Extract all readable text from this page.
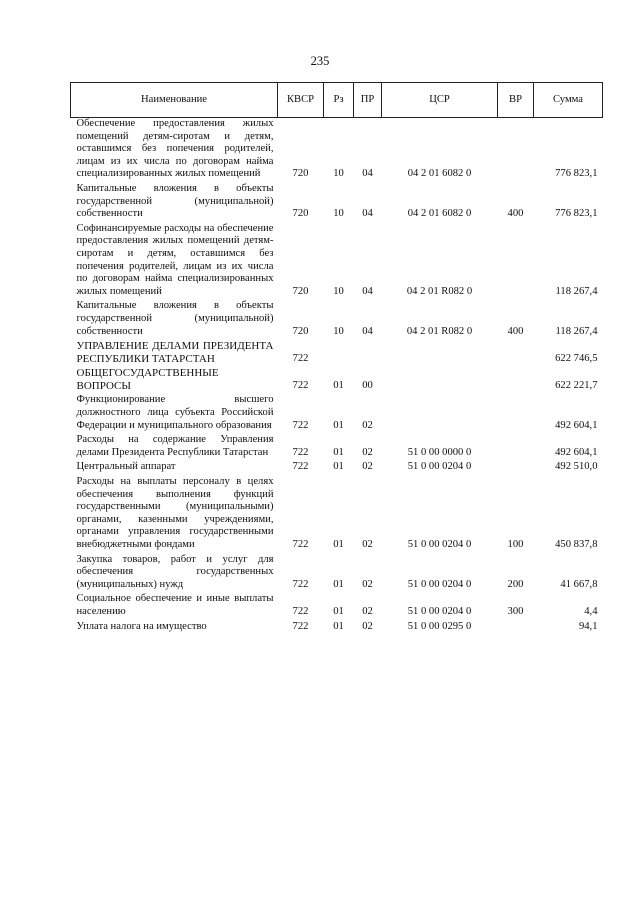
235
Наименование	КВСР	Рз	ПР	ЦСР	ВР	Сумма
Обеспечение предоставления жилых помещений детям-сиротам и детям, оставшимся без попечения родителей, лицам из их числа по договорам найма специализированных жилых помещений	720	10	04	04 2 01 6082 0		776 823,1
Капитальные вложения в объекты государственной (муниципальной) собственности	720	10	04	04 2 01 6082 0	400	776 823,1
Софинансируемые расходы на обеспечение предоставления жилых помещений детям-сиротам и детям, оставшимся без попечения родителей, лицам из их числа по договорам найма специализированных жилых помещений	720	10	04	04 2 01 R082 0		118 267,4
Капитальные вложения в объекты государственной (муниципальной) собственности	720	10	04	04 2 01 R082 0	400	118 267,4
УПРАВЛЕНИЕ ДЕЛАМИ ПРЕЗИДЕНТА РЕСПУБЛИКИ ТАТАРСТАН	722					622 746,5
ОБЩЕГОСУДАРСТВЕННЫЕ ВОПРОСЫ	722	01	00			622 221,7
Функционирование высшего должностного лица субъекта Российской Федерации и муниципального образования	722	01	02			492 604,1
Расходы на содержание Управления делами Президента Республики Татарстан	722	01	02	51 0 00 0000 0		492 604,1
Центральный аппарат	722	01	02	51 0 00 0204 0		492 510,0
Расходы на выплаты персоналу в целях обеспечения выполнения функций государственными (муниципальными) органами, казенными учреждениями, органами управления государственными внебюджетными фондами	722	01	02	51 0 00 0204 0	100	450 837,8
Закупка товаров, работ и услуг для обеспечения государственных (муниципальных) нужд	722	01	02	51 0 00 0204 0	200	41 667,8
Социальное обеспечение и иные выплаты населению	722	01	02	51 0 00 0204 0	300	4,4
Уплата налога на имущество	722	01	02	51 0 00 0295 0		94,1
